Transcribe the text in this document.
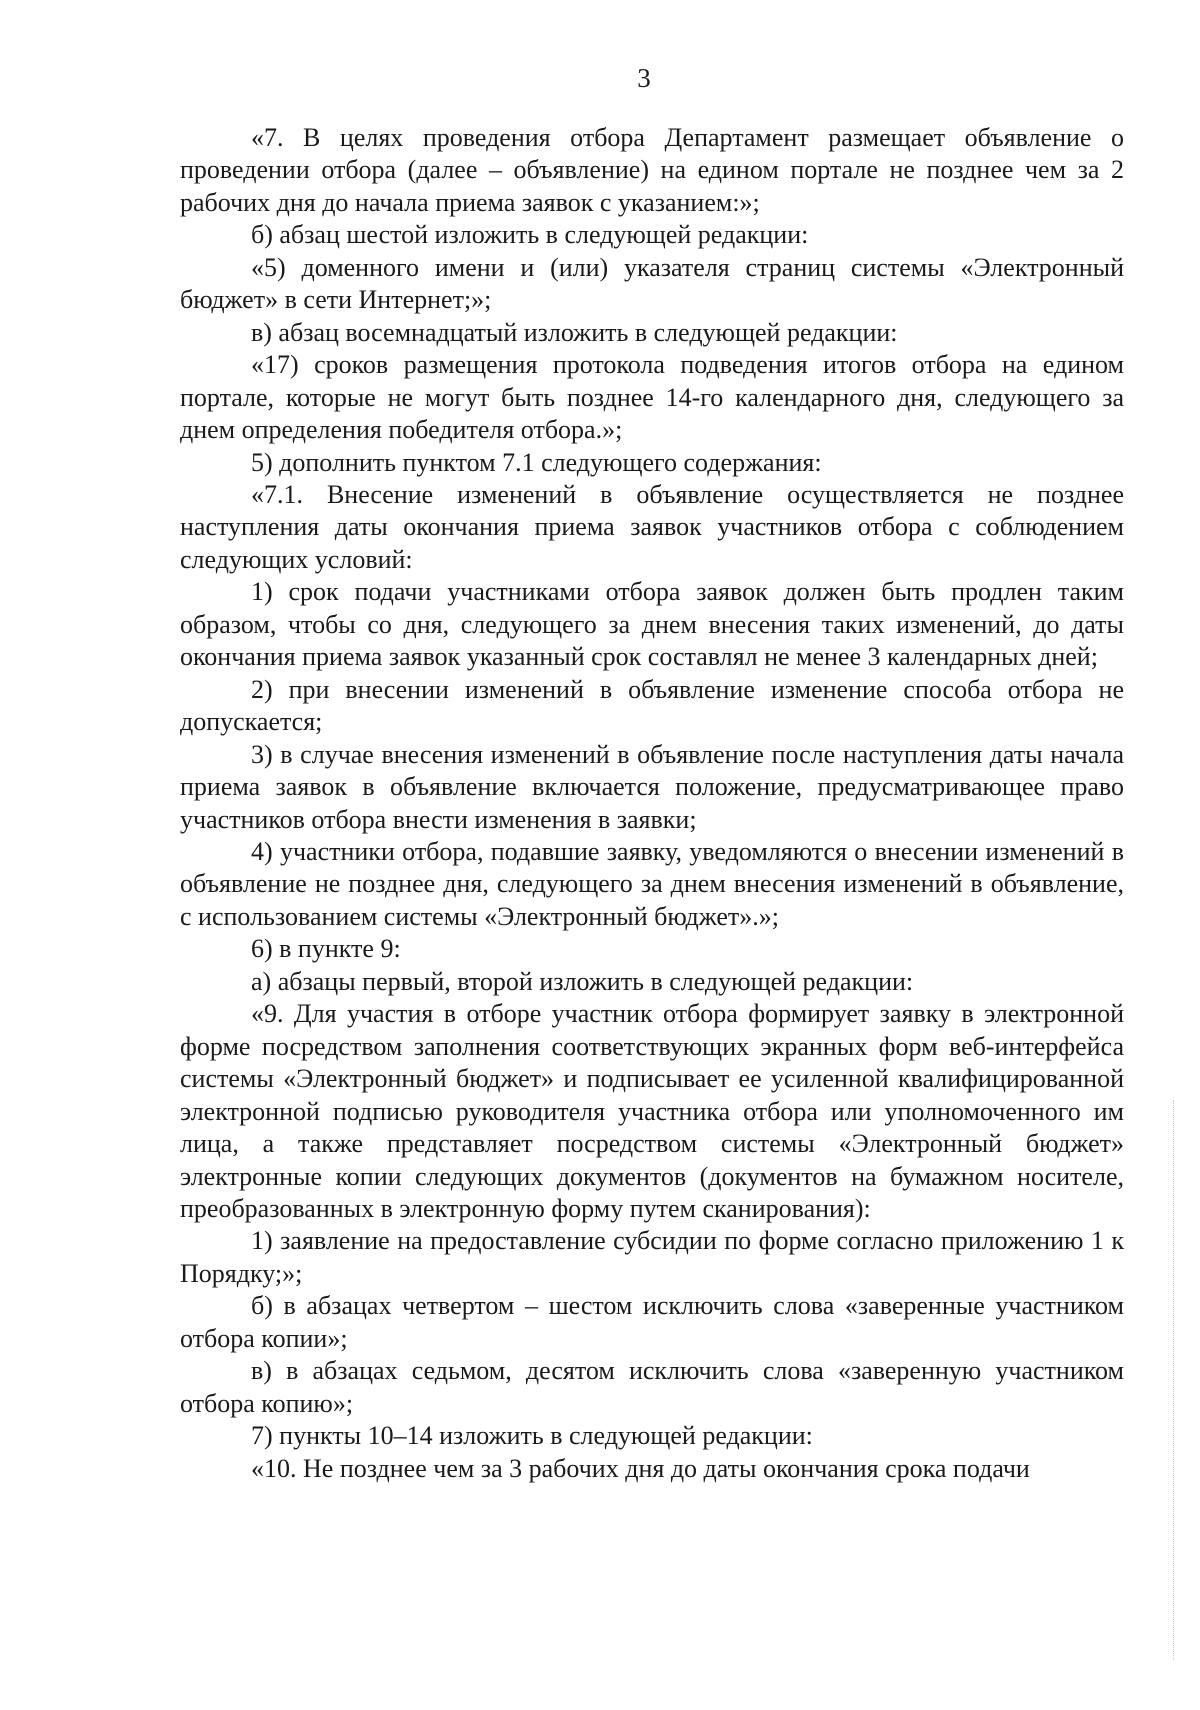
3

«7. В целях проведения отбора Департамент размещает объявление о проведении отбора (далее – объявление) на едином портале не позднее чем за 2 рабочих дня до начала приема заявок с указанием:»;

б) абзац шестой изложить в следующей редакции:

«5) доменного имени и (или) указателя страниц системы «Электронный бюджет» в сети Интернет;»;

в) абзац восемнадцатый изложить в следующей редакции:

«17) сроков размещения протокола подведения итогов отбора на едином портале, которые не могут быть позднее 14-го календарного дня, следующего за днем определения победителя отбора.»;

5) дополнить пунктом 7.1 следующего содержания:

«7.1. Внесение изменений в объявление осуществляется не позднее наступления даты окончания приема заявок участников отбора с соблюдением следующих условий:

1) срок подачи участниками отбора заявок должен быть продлен таким образом, чтобы со дня, следующего за днем внесения таких изменений, до даты окончания приема заявок указанный срок составлял не менее 3 календарных дней;

2) при внесении изменений в объявление изменение способа отбора не допускается;

3) в случае внесения изменений в объявление после наступления даты начала приема заявок в объявление включается положение, предусматривающее право участников отбора внести изменения в заявки;

4) участники отбора, подавшие заявку, уведомляются о внесении изменений в объявление не позднее дня, следующего за днем внесения изменений в объявление, с использованием системы «Электронный бюджет».»;

6) в пункте 9:

а) абзацы первый, второй изложить в следующей редакции:

«9. Для участия в отборе участник отбора формирует заявку в электронной форме посредством заполнения соответствующих экранных форм веб-интерфейса системы «Электронный бюджет» и подписывает ее усиленной квалифицированной электронной подписью руководителя участника отбора или уполномоченного им лица, а также представляет посредством системы «Электронный бюджет» электронные копии следующих документов (документов на бумажном носителе, преобразованных в электронную форму путем сканирования):

1) заявление на предоставление субсидии по форме согласно приложению 1 к Порядку;»;

б) в абзацах четвертом – шестом исключить слова «заверенные участником отбора копии»;

в) в абзацах седьмом, десятом исключить слова «заверенную участником отбора копию»;

7) пункты 10–14 изложить в следующей редакции:

«10. Не позднее чем за 3 рабочих дня до даты окончания срока подачи
